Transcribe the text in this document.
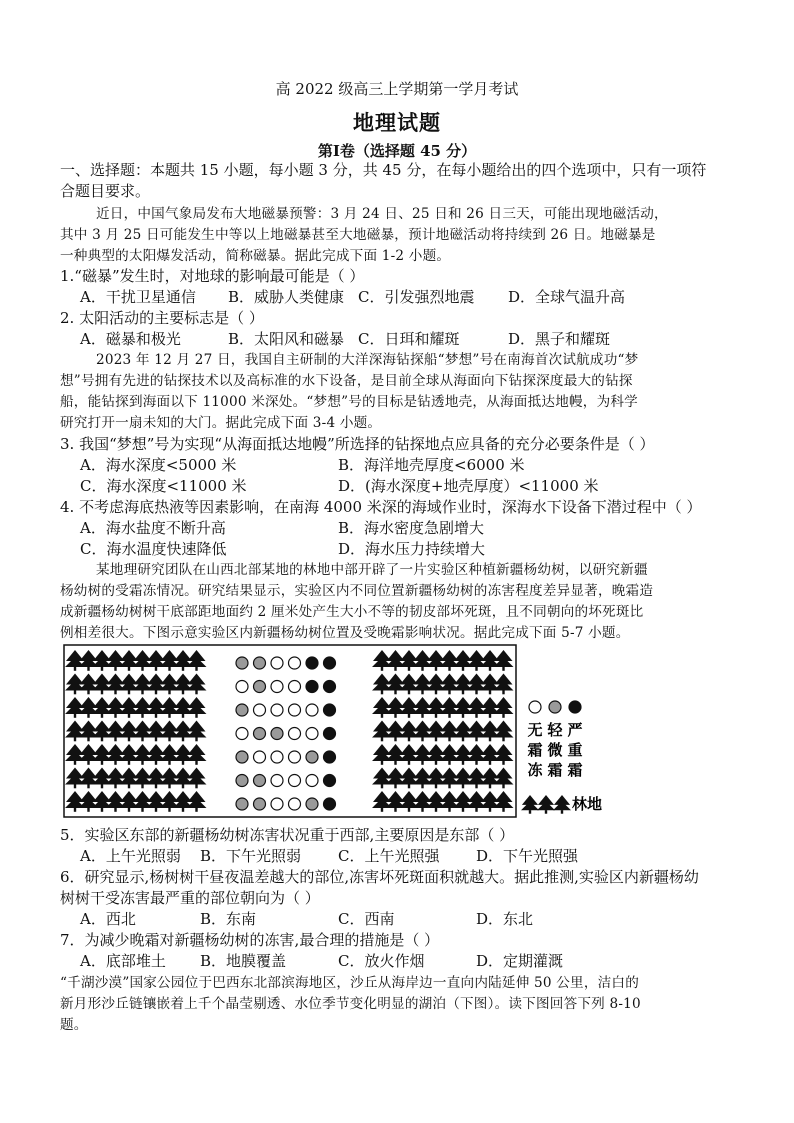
高 2022 级高三上学期第一学月考试
地理试题
第Ⅰ卷（选择题 45 分）
一、选择题：本题共 15 小题，每小题 3 分，共 45 分，在每小题给出的四个选项中，只有一项符
合题目要求。
近日，中国气象局发布大地磁暴预警：3 月 24 日、25 日和 26 日三天，可能出现地磁活动，
其中 3 月 25 日可能发生中等以上地磁暴甚至大地磁暴，预计地磁活动将持续到 26 日。地磁暴是
一种典型的太阳爆发活动，简称磁暴。据此完成下面 1-2 小题。
1.“磁暴”发生时，对地球的影响最可能是（ ）
A．干扰卫星通信 B．威胁人类健康 C．引发强烈地震 D．全球气温升高
2. 太阳活动的主要标志是（ ）
A．磁暴和极光	B．太阳风和磁暴 C．日珥和耀斑	D．黑子和耀斑
2023 年 12 月 27 日，我国自主研制的大洋深海钻探船“梦想”号在南海首次试航成功“梦
想”号拥有先进的钻探技术以及高标准的水下设备，是目前全球从海面向下钻探深度最大的钻探
船，能钻探到海面以下 11000 米深处。“梦想”号的目标是钻透地壳，从海面抵达地幔，为科学
研究打开一扇未知的大门。据此完成下面 3-4 小题。
3. 我国“梦想”号为实现“从海面抵达地幔”所选择的钻探地点应具备的充分必要条件是（ ）
A．海水深度<5000 米	B．海洋地壳厚度<6000 米
C．海水深度<11000 米	D．(海水深度+地壳厚度）<11000 米
4. 不考虑海底热液等因素影响，在南海 4000 米深的海域作业时，深海水下设备下潜过程中（ ）
A．海水盐度不断升高	B．海水密度急剧增大
C．海水温度快速降低	D．海水压力持续增大
某地理研究团队在山西北部某地的林地中部开辟了一片实验区种植新疆杨幼树，以研究新疆
杨幼树的受霜冻情况。研究结果显示，实验区内不同位置新疆杨幼树的冻害程度差异显著，晚霜造
成新疆杨幼树树干底部距地面约 2 厘米处产生大小不等的韧皮部坏死斑，且不同朝向的坏死斑比
例相差很大。下图示意实验区内新疆杨幼树位置及受晚霜影响状况。据此完成下面 5-7 小题。
林地
无
霜
冻
轻
微
霜
严
重
霜
5．实验区东部的新疆杨幼树冻害状况重于西部,主要原因是东部（ ）
A．上午光照弱 B．下午光照弱 C．上午光照强 D．下午光照强
6．研究显示,杨树树干昼夜温差越大的部位,冻害坏死斑面积就越大。据此推测,实验区内新疆杨幼
树树干受冻害最严重的部位朝向为（ ）
A．西北	B．东南	C．西南	D．东北
7．为减少晚霜对新疆杨幼树的冻害,最合理的措施是（ ）
A．底部堆土 B．地膜覆盖	C．放火作烟	D．定期灌溉
“千湖沙漠”国家公园位于巴西东北部滨海地区，沙丘从海岸边一直向内陆延伸 50 公里，洁白的
新月形沙丘链镶嵌着上千个晶莹剔透、水位季节变化明显的湖泊（下图）。读下图回答下列 8-10
题。
